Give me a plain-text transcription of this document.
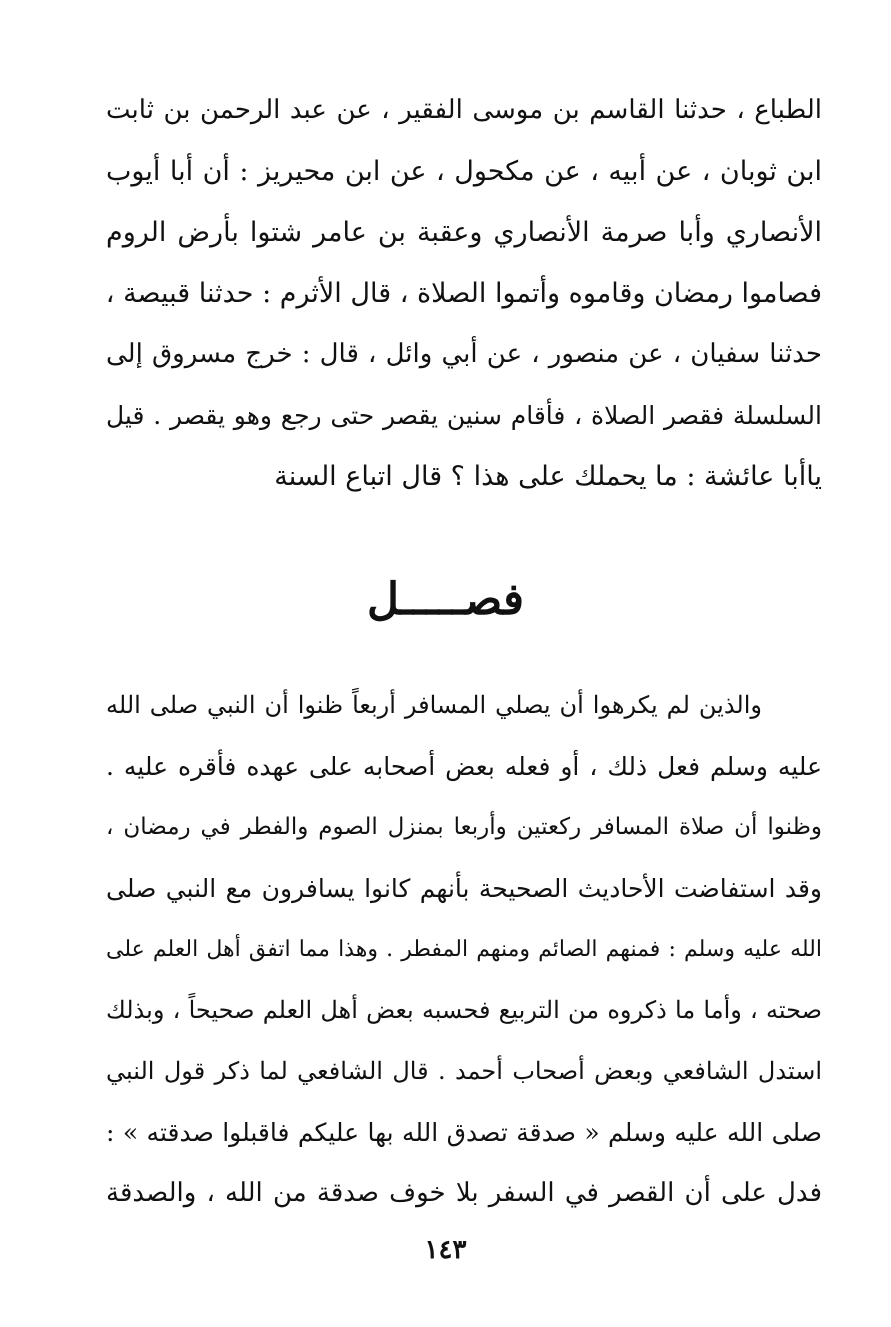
الطباع ، حدثنا القاسم بن موسى الفقير ، عن عبد الرحمن بن ثابت
ابن ثوبان ، عن أبيه ، عن مكحول ، عن ابن محيريز : أن أبا أيوب
الأنصاري وأبا صرمة الأنصاري وعقبة بن عامر شتوا بأرض الروم
فصاموا رمضان وقاموه وأتموا الصلاة ، قال الأثرم : حدثنا قبيصة ،
حدثنا سفيان ، عن منصور ، عن أبي وائل ، قال : خرج مسروق إلى
السلسلة فقصر الصلاة ، فأقام سنين يقصر حتى رجع وهو يقصر . قيل
ياأبا عائشة : ما يحملك على هذا ؟ قال اتباع السنة
فصـــــل
والذين لم يكرهوا أن يصلي المسافر أربعاً ظنوا أن النبي صلى الله
عليه وسلم فعل ذلك ، أو فعله بعض أصحابه على عهده فأقره عليه .
وظنوا أن صلاة المسافر ركعتين وأربعا بمنزل الصوم والفطر في رمضان ،
وقد استفاضت الأحاديث الصحيحة بأنهم كانوا يسافرون مع النبي صلى
الله عليه وسلم : فمنهم الصائم ومنهم المفطر . وهذا مما اتفق أهل العلم على
صحته ، وأما ما ذكروه من التربيع فحسبه بعض أهل العلم صحيحاً ، وبذلك
استدل الشافعي وبعض أصحاب أحمد . قال الشافعي لما ذكر قول النبي
صلى الله عليه وسلم « صدقة تصدق الله بها عليكم فاقبلوا صدقته » :
فدل على أن القصر في السفر بلا خوف صدقة من الله ، والصدقة
١٤٣
